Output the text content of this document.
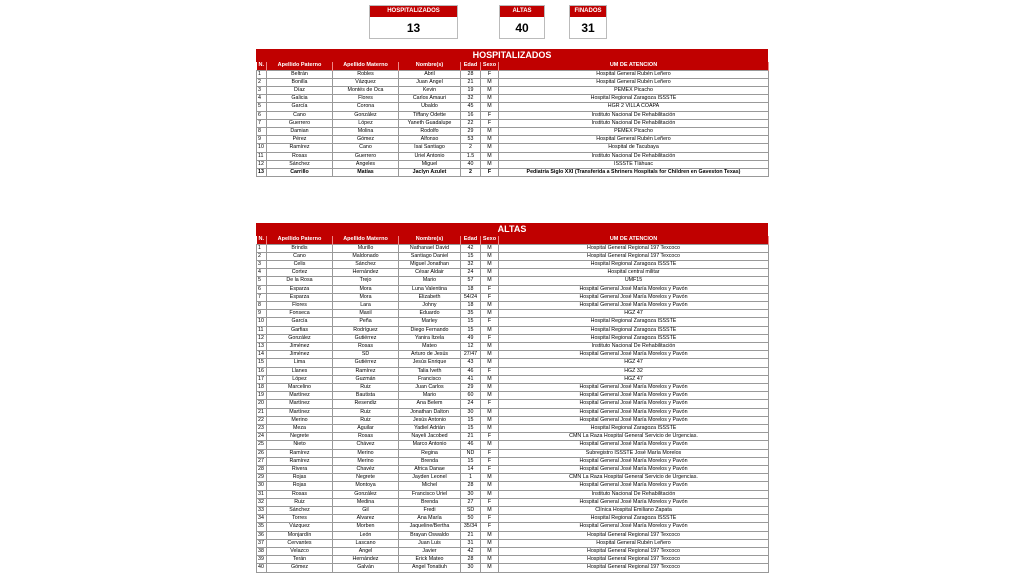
HOSPITALIZADOS
13
ALTAS
40
FINADOS
31
HOSPITALIZADOS
N.	Apellido Paterno	Apellido Materno	Nombre(s)	Edad	Sexo	UM DE ATENCION
1	Beltrán	Robles	Abril	28	F	Hospital General Rubén Leñero
2	Bonilla	Vázquez	Juan Ángel	21	M	Hospital General Rubén Leñero
3	Díaz	Montés de Oca	Kevin	19	M	PEMEX Picacho
4	Galicia	Flores	Carlos Amauri	32	M	Hospital Regional Zaragoza ISSSTE
5	García	Corona	Ubaldo	45	M	HGR 2 VILLA COAPA
6	Cano	González	Tiffany Odette	16	F	Instituto Nacional De Rehabilitación
7	Guerrero	López	Yaneth Guadalupe	22	F	Instituto Nacional De Rehabilitación
8	Damian	Molina	Rodolfo	29	M	PEMEX Picacho
9	Pérez	Gómez	Alfonso	53	M	Hospital General Rubén Leñero
10	Ramírez	Cano	Isai Santiago	2	M	Hospital de Tacubaya
11	Rosas	Guerrero	Uriel Antonio	1.5	M	Instituto Nacional De Rehabilitación
12	Sánchez	Angeles	Miguel	40	M	ISSSTE Tlàhuac
13	Carrillo	Matías	Jaclyn Azulet	2	F	Pediatría Siglo XXI (Transferida a Shriners Hospitals for Children en Gaveston Texas)
ALTAS
N.	Apellido Paterno	Apellido Materno	Nombre(s)	Edad	Sexo	UM DE ATENCION
1	Brindis	Murillo	Nathanael David	42	M	Hospital General Regional 197 Texcoco
2	Cano	Maldonado	Santiago Daniel	15	M	Hospital General Regional 197 Texcoco
3	Celis	Sánchez	Miguel Jonathan	32	M	Hospital Regional Zaragoza ISSSTE
4	Cortez	Hernández	César Aldair	24	M	Hospital central militar
5	De la Rosa	Trejo	Mario	57	M	UMF15
6	Esparza	Mora	Luna Valentina	18	F	Hospital General José María Morelos y Pavón
7	Esparza	Mora	Elizabeth	54/24	F	Hospital General José María Morelos y Pavón
8	Flores	Lara	Johny	18	M	Hospital General José María Morelos y Pavón
9	Fonseca	Maxil	Eduardo	35	M	HGZ 47
10	García	Peña	Marley	15	F	Hospital Regional Zaragoza ISSSTE
11	Garfias	Rodríguez	Diego Fernando	15	M	Hospital Regional Zaragoza ISSSTE
12	González	Gutiérrez	Yanira Itzela	49	F	Hospital Regional Zaragoza ISSSTE
13	Jiménez	Rosas	Mateo	12	M	Instituto Nacional De Rehabilitación
14	Jiménez	SD	Arturo de Jesús	27/47	M	Hospital General José María Morelos y Pavón
15	Lima	Gutiérrez	Jesús Enrique	43	M	HGZ 47
16	Llanes	Ramírez	Talia Iveth	46	F	HGZ 32
17	López	Guzmán	Francisco	41	M	HGZ 47
18	Marcelino	Ruiz	Juan Carlos	29	M	Hospital General José María Morelos y Pavón
19	Martínez	Bautista	Mario	60	M	Hospital General José María Morelos y Pavón
20	Martínez	Resendiz	Ana Belem	24	F	Hospital General José María Morelos y Pavón
21	Martínez	Ruiz	Jonathan Dalton	30	M	Hospital General José María Morelos y Pavón
22	Merino	Ruiz	Jesús Antonio	15	M	Hospital General José María Morelos y Pavón
23	Meza	Aguilar	Yadiel Adrián	15	M	Hospital Regional Zaragoza ISSSTE
24	Negrete	Rosas	Nayeli Jacobed	21	F	CMN La Raza Hospital General Servicio de Urgencias.
25	Nieto	Chávez	Marco Antonio	46	M	Hospital General José María Morelos y Pavón
26	Ramírez	Merino	Regina	ND	F	Subregistro ISSSTE José María Morelos
27	Ramírez	Merino	Brenda	15	F	Hospital General José María Morelos y Pavón
28	Rivera	Chavéz	África Danae	14	F	Hospital General José María Morelos y Pavón
29	Rojas	Negrete	Jayden Leonel	1	M	CMN La Raza Hospital General Servicio de Urgencias.
30	Rojas	Montoya	Michel	28	M	Hospital General José María Morelos y Pavón
31	Rosas	González	Francisco Uriel	30	M	Instituto Nacional De Rehabilitación
32	Ruiz	Medina	Brenda	27	F	Hospital General José María Morelos y Pavón
33	Sánchez	Gil	Fredi	SD	M	Clínica Hospital Emiliano Zapata
34	Torres	Alvarez	Ana María	50	F	Hospital Regional Zaragoza ISSSTE
35	Vázquez	Morben	Jaqueline/Bertha	35/34	F	Hospital General José María Morelos y Pavón
36	Monjardín	León	Brayan Oswaldo	21	M	Hospital General Regional 197 Texcoco
37	Cervantes	Lascano	Juan Luis	31	M	Hospital General Rubén Leñero
38	Velazco	Ángel	Javier	42	M	Hospital General Regional 197 Texcoco
39	Terán	Hernández	Erick Mateo	28	M	Hospital General Regional 197 Texcoco
40	Gómez	Galván	Ángel Tonatiuh	30	M	Hospital General Regional 197 Texcoco
